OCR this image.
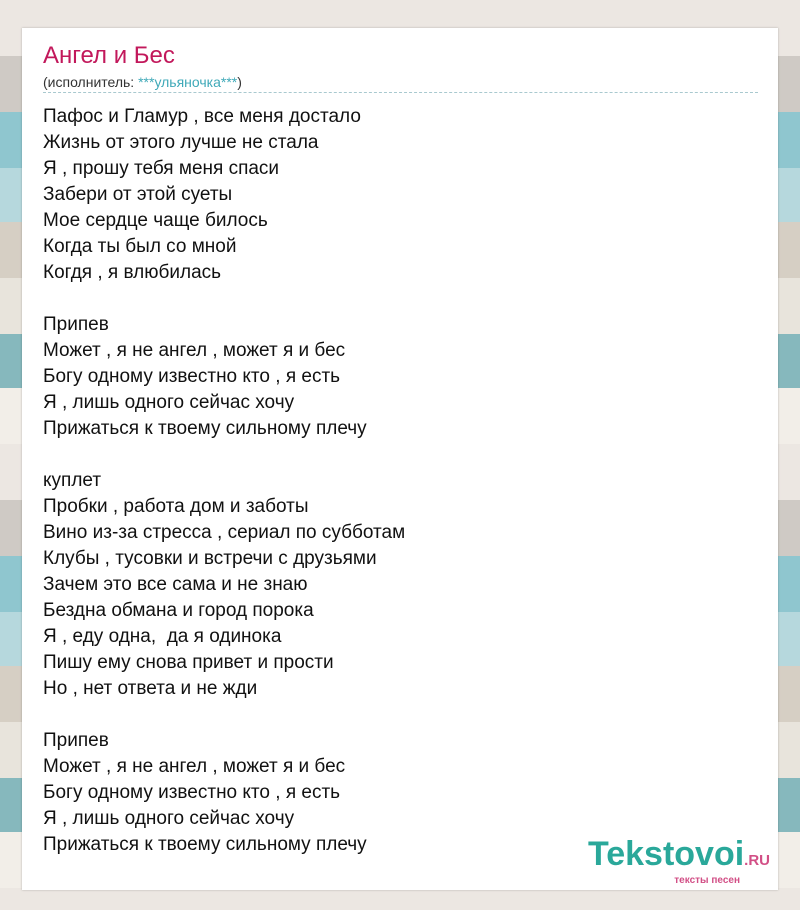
Ангел и Бес
(исполнитель: ***ульяночка***)
Пафос и Гламур , все меня достало
Жизнь от этого лучше не стала
Я , прошу тебя меня спаси
Забери от этой суеты
Мое сердце чаще билось
Когда ты был со мной
Когдя , я влюбилась
Припев
Может , я не ангел , может я и бес
Богу одному известно кто , я есть
Я , лишь одного сейчас хочу
Прижаться к твоему сильному плечу
куплет
Пробки , работа дом и заботы
Вино из-за стресса , сериал по субботам
Клубы , тусовки и встречи с друзьями
Зачем это все сама и не знаю
Бездна обмана и город порока
Я , еду одна,  да я одинока
Пишу ему снова привет и прости
Но , нет ответа и не жди
Припев
Может , я не ангел , может я и бес
Богу одному известно кто , я есть
Я , лишь одного сейчас хочу
Прижаться к твоему сильному плечу	Tekstovoi.RU
тексты песен
